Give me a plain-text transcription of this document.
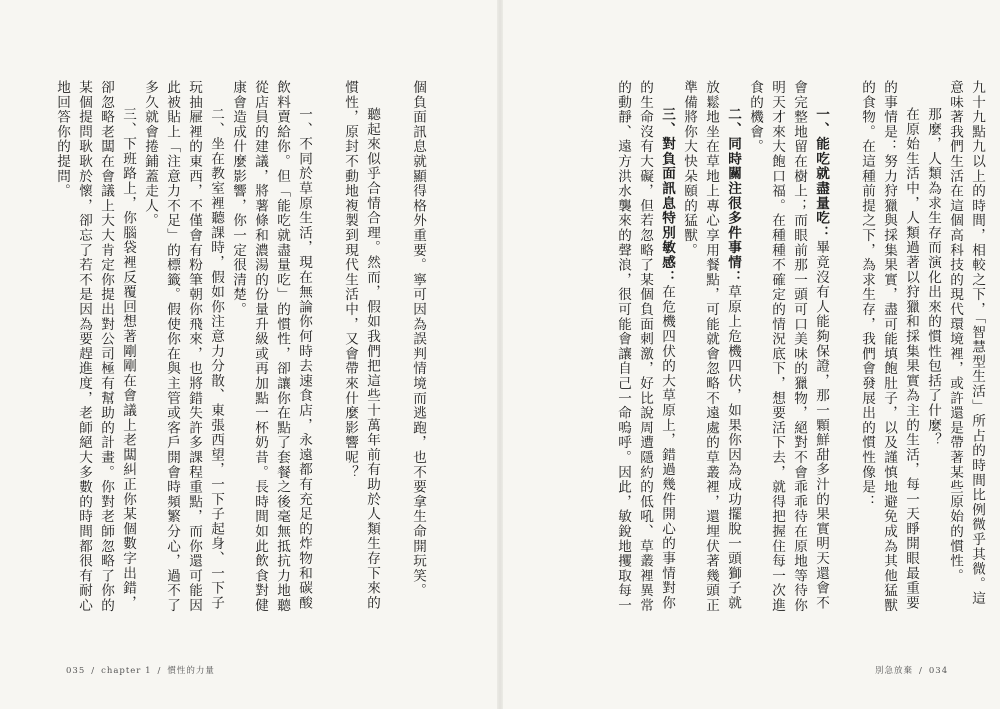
個負面訊息就顯得格外重要。寧可因為誤判情境而逃跑，也不要拿生命開玩笑。

聽起來似乎合情合理。然而，假如我們把這些十萬年前有助於人類生存下來的慣性，原封不動地複製到現代生活中，又會帶來什麼影響呢？

一、不同於草原生活，現在無論你何時去速食店，永遠都有充足的炸物和碳酸飲料賣給你。但「能吃就盡量吃」的慣性，卻讓你在點了套餐之後毫無抵抗力地聽從店員的建議，將薯條和濃湯的份量升級或再加點一杯奶昔。長時間如此飲食對健康會造成什麼影響，你一定很清楚。

二、坐在教室裡聽課時，假如你注意力分散、東張西望，一下子起身、一下子玩抽屜裡的東西，不僅會有粉筆朝你飛來，也將錯失許多課程重點，而你還可能因此被貼上「注意力不足」的標籤。假使你在與主管或客戶開會時頻繁分心，過不了多久就會捲鋪蓋走人。

三、下班路上，你腦袋裡反覆回想著剛剛在會議上老闆糾正你某個數字出錯，卻忽略老闆在會議上大大肯定你提出對公司極有幫助的計畫。你對老師忽略了你的某個提問耿耿於懷，卻忘了若不是因為要趕進度，老師絕大多數的時間都很有耐心地回答你的提問。

035 / chapter 1 / 慣性的力量

九十九點九以上的時間，相較之下，「智慧型生活」所占的時間比例微乎其微。這意味著我們生活在這個高科技的現代環境裡，或許還是帶著某些原始的慣性。

那麼，人類為求生存而演化出來的慣性包括了什麼？

在原始生活中，人類過著以狩獵和採集果實為主的生活，每一天睜開眼最重要的事情是：努力狩獵與採集果實，盡可能填飽肚子，以及謹慎地避免成為其他猛獸的食物。在這種前提之下，為求生存，我們會發展出的慣性像是：

一、能吃就盡量吃：畢竟沒有人能夠保證，那一顆鮮甜多汁的果實明天還會不會完整地留在樹上；而眼前那一頭可口美味的獵物，絕對不會乖乖待在原地等待你明天才來大飽口福。在種種不確定的情況底下，想要活下去，就得把握住每一次進食的機會。

二、同時關注很多件事情：草原上危機四伏，如果你因為成功擺脫一頭獅子就放鬆地坐在草地上專心享用餐點，可能就會忽略不遠處的草叢裡，還埋伏著幾頭正準備將你大快朵頤的猛獸。

三、對負面訊息特別敏感：在危機四伏的大草原上，錯過幾件開心的事情對你的生命沒有大礙，但若忽略了某個負面刺激，好比說周遭隱約的低吼、草叢裡異常的動靜、遠方洪水襲來的聲浪，很可能會讓自己一命嗚呼。因此，敏銳地攫取每一

別急放棄 / 034
